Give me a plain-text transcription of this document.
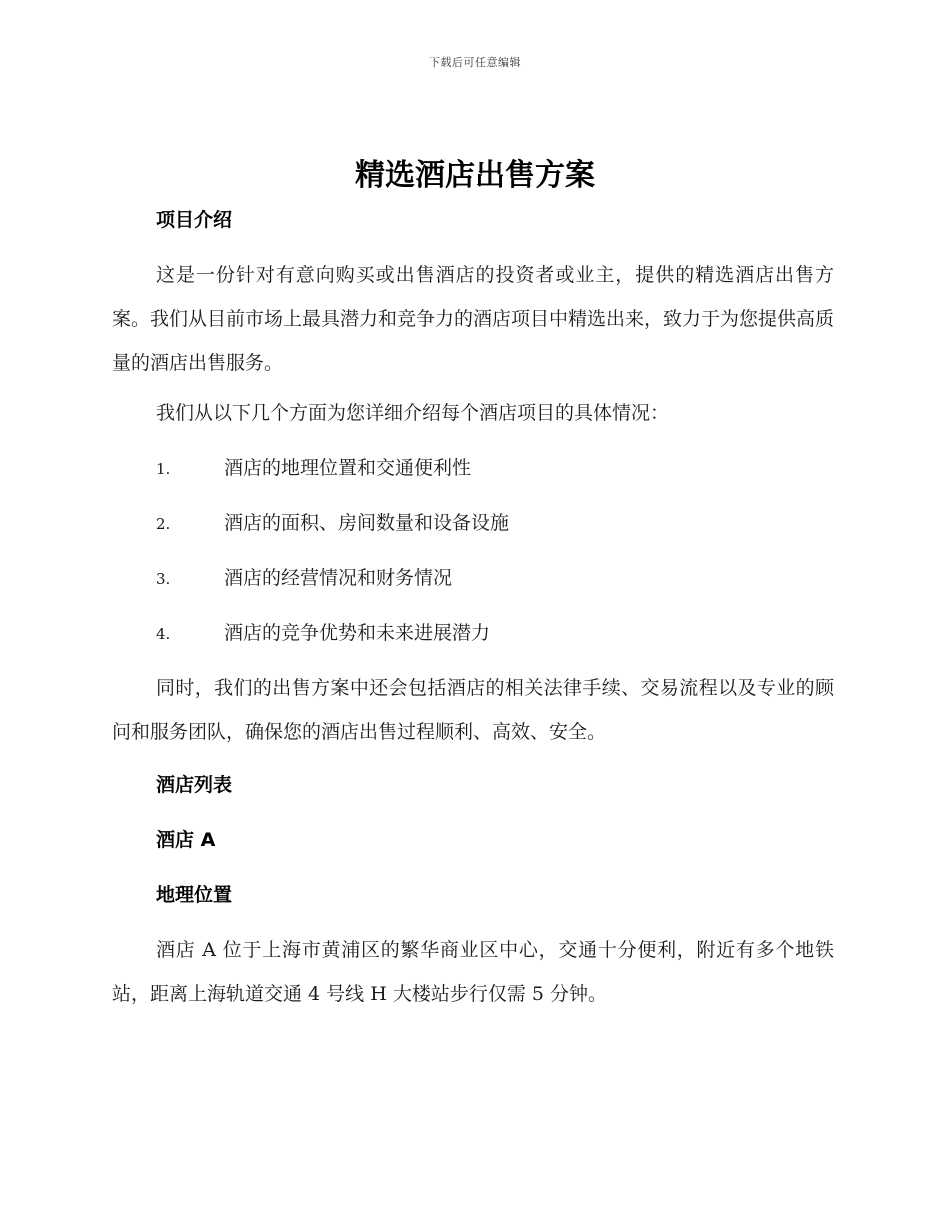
下载后可任意编辑
精选酒店出售方案
项目介绍

这是一份针对有意向购买或出售酒店的投资者或业主，提供的精选酒店出售方案。我们从目前市场上最具潜力和竞争力的酒店项目中精选出来，致力于为您提供高质量的酒店出售服务。

我们从以下几个方面为您详细介绍每个酒店项目的具体情况：

1.	酒店的地理位置和交通便利性
2.	酒店的面积、房间数量和设备设施
3.	酒店的经营情况和财务情况
4.	酒店的竞争优势和未来进展潜力

同时，我们的出售方案中还会包括酒店的相关法律手续、交易流程以及专业的顾问和服务团队，确保您的酒店出售过程顺利、高效、安全。

酒店列表
酒店 A
地理位置

酒店 A 位于上海市黄浦区的繁华商业区中心，交通十分便利，附近有多个地铁站，距离上海轨道交通 4 号线 H 大楼站步行仅需 5 分钟。
